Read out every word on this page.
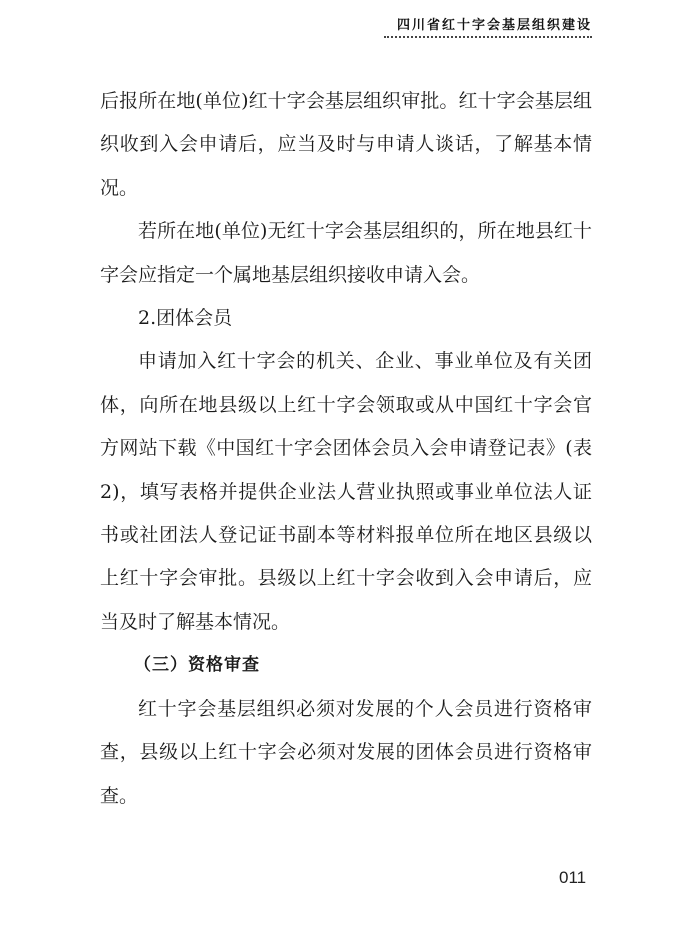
四川省红十字会基层组织建设

后报所在地(单位)红十字会基层组织审批。红十字会基层组织收到入会申请后，应当及时与申请人谈话，了解基本情况。

若所在地(单位)无红十字会基层组织的，所在地县红十字会应指定一个属地基层组织接收申请入会。

2.团体会员

申请加入红十字会的机关、企业、事业单位及有关团体，向所在地县级以上红十字会领取或从中国红十字会官方网站下载《中国红十字会团体会员入会申请登记表》(表2)，填写表格并提供企业法人营业执照或事业单位法人证书或社团法人登记证书副本等材料报单位所在地区县级以上红十字会审批。县级以上红十字会收到入会申请后，应当及时了解基本情况。

（三）资格审查

红十字会基层组织必须对发展的个人会员进行资格审查，县级以上红十字会必须对发展的团体会员进行资格审查。

011
